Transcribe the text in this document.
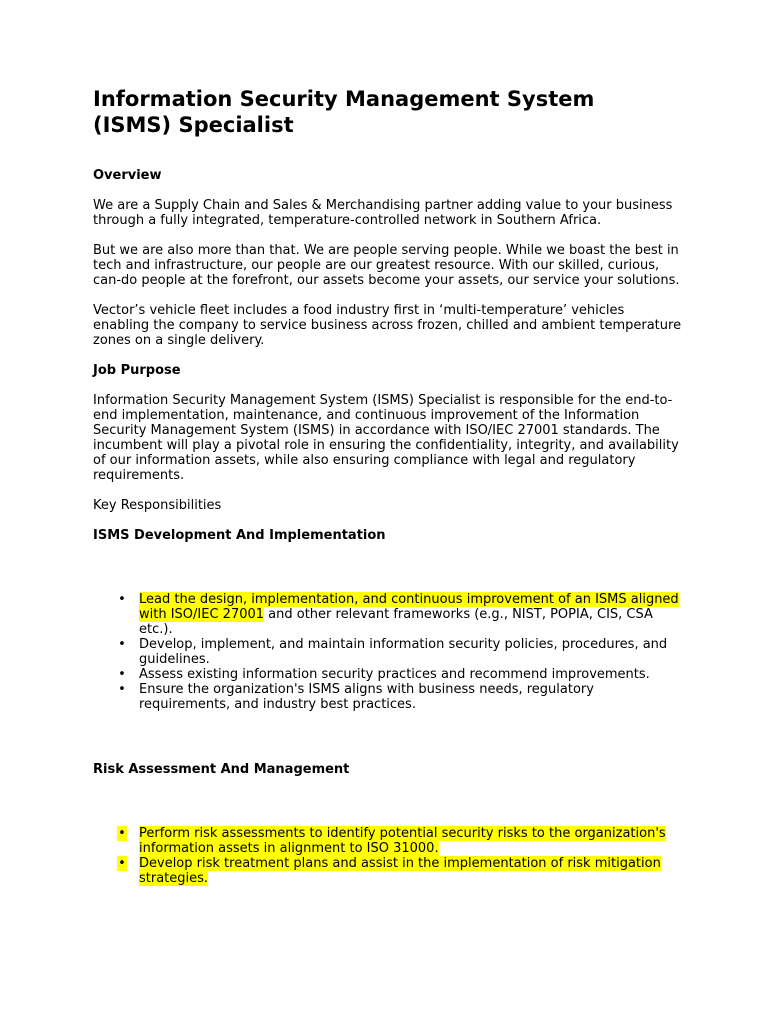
Information Security Management System
(ISMS) Specialist

Overview

We are a Supply Chain and Sales & Merchandising partner adding value to your business through a fully integrated, temperature-controlled network in Southern Africa.

But we are also more than that. We are people serving people. While we boast the best in tech and infrastructure, our people are our greatest resource. With our skilled, curious, can-do people at the forefront, our assets become your assets, our service your solutions.

Vector’s vehicle fleet includes a food industry first in ‘multi-temperature’ vehicles enabling the company to service business across frozen, chilled and ambient temperature zones on a single delivery.

Job Purpose

Information Security Management System (ISMS) Specialist is responsible for the end-to-end implementation, maintenance, and continuous improvement of the Information Security Management System (ISMS) in accordance with ISO/IEC 27001 standards. The incumbent will play a pivotal role in ensuring the confidentiality, integrity, and availability of our information assets, while also ensuring compliance with legal and regulatory requirements.

Key Responsibilities

ISMS Development And Implementation

• Lead the design, implementation, and continuous improvement of an ISMS aligned with ISO/IEC 27001 and other relevant frameworks (e.g., NIST, POPIA, CIS, CSA etc.).
• Develop, implement, and maintain information security policies, procedures, and guidelines.
• Assess existing information security practices and recommend improvements.
• Ensure the organization's ISMS aligns with business needs, regulatory requirements, and industry best practices.

Risk Assessment And Management

• Perform risk assessments to identify potential security risks to the organization's information assets in alignment to ISO 31000.
• Develop risk treatment plans and assist in the implementation of risk mitigation strategies.
